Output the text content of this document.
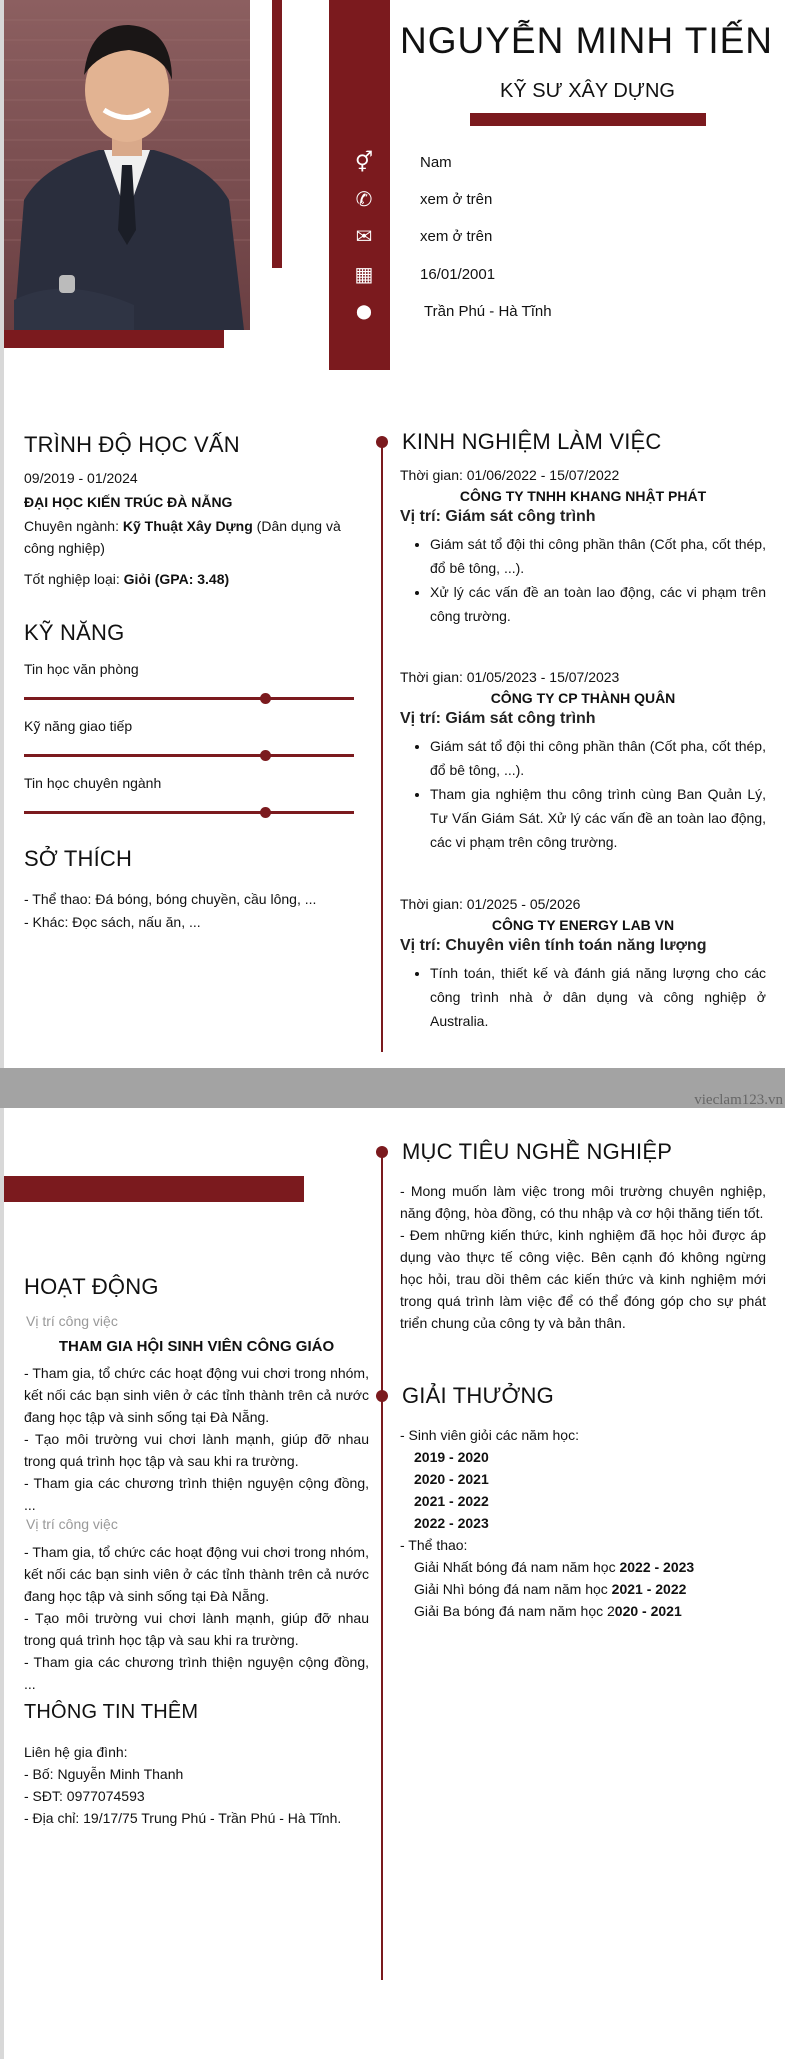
NGUYỄN MINH TIẾN
KỸ SƯ XÂY DỰNG
⚥	Nam
✆	xem ở trên
✉	xem ở trên
▦	16/01/2001
⬤	Trần Phú - Hà Tĩnh
TRÌNH ĐỘ HỌC VẤN
09/2019 - 01/2024
ĐẠI HỌC KIẾN TRÚC ĐÀ NẴNG
Chuyên ngành: Kỹ Thuật Xây Dựng (Dân dụng và công nghiệp)
Tốt nghiệp loại: Giỏi (GPA: 3.48)
KỸ NĂNG
Tin học văn phòng
Kỹ năng giao tiếp
Tin học chuyên ngành
SỞ THÍCH
- Thể thao: Đá bóng, bóng chuyền, cầu lông, ...
- Khác: Đọc sách, nấu ăn, ...
KINH NGHIỆM LÀM VIỆC
Thời gian: 01/06/2022 - 15/07/2022
CÔNG TY TNHH KHANG NHẬT PHÁT
Vị trí: Giám sát công trình
• Giám sát tổ đội thi công phần thân (Cốt pha, cốt thép, đổ bê tông, ...).
• Xử lý các vấn đề an toàn lao động, các vi phạm trên công trường.
Thời gian: 01/05/2023 - 15/07/2023
CÔNG TY CP THÀNH QUÂN
Vị trí: Giám sát công trình
• Giám sát tổ đội thi công phần thân (Cốt pha, cốt thép, đổ bê tông, ...).
• Tham gia nghiệm thu công trình cùng Ban Quản Lý, Tư Vấn Giám Sát. Xử lý các vấn đề an toàn lao động, các vi phạm trên công trường.
Thời gian: 01/2025 - 05/2026
CÔNG TY ENERGY LAB VN
Vị trí: Chuyên viên tính toán năng lượng
• Tính toán, thiết kế và đánh giá năng lượng cho các công trình nhà ở dân dụng và công nghiệp ở Australia.
vieclam123.vn
HOẠT ĐỘNG
Vị trí công việc
THAM GIA HỘI SINH VIÊN CÔNG GIÁO
- Tham gia, tổ chức các hoạt động vui chơi trong nhóm, kết nối các bạn sinh viên ở các tỉnh thành trên cả nước đang học tập và sinh sống tại Đà Nẵng.
- Tạo môi trường vui chơi lành mạnh, giúp đỡ nhau trong quá trình học tập và sau khi ra trường.
- Tham gia các chương trình thiện nguyện cộng đồng, ...
Vị trí công việc
- Tham gia, tổ chức các hoạt động vui chơi trong nhóm, kết nối các bạn sinh viên ở các tỉnh thành trên cả nước đang học tập và sinh sống tại Đà Nẵng.
- Tạo môi trường vui chơi lành mạnh, giúp đỡ nhau trong quá trình học tập và sau khi ra trường.
- Tham gia các chương trình thiện nguyện cộng đồng, ...
THÔNG TIN THÊM
Liên hệ gia đình:
- Bố: Nguyễn Minh Thanh
- SĐT: 0977074593
- Địa chỉ: 19/17/75 Trung Phú - Trần Phú - Hà Tĩnh.
MỤC TIÊU NGHỀ NGHIỆP
- Mong muốn làm việc trong môi trường chuyên nghiệp, năng động, hòa đồng, có thu nhập và cơ hội thăng tiến tốt.
- Đem những kiến thức, kinh nghiệm đã học hỏi được áp dụng vào thực tế công việc. Bên cạnh đó không ngừng học hỏi, trau dồi thêm các kiến thức và kinh nghiệm mới trong quá trình làm việc để có thể đóng góp cho sự phát triển chung của công ty và bản thân.
GIẢI THƯỞNG
- Sinh viên giỏi các năm học:
2019 - 2020
2020 - 2021
2021 - 2022
2022 - 2023
- Thể thao:
Giải Nhất bóng đá nam năm học 2022 - 2023
Giải Nhì bóng đá nam năm học 2021 - 2022
Giải Ba bóng đá nam năm học 2020 - 2021
